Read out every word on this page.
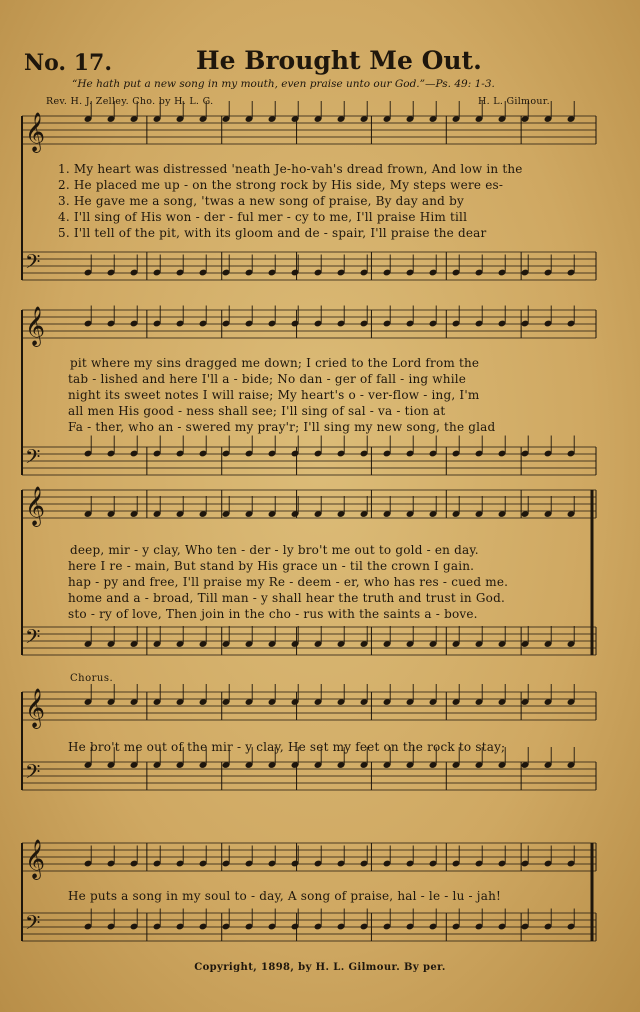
No. 17.	He Brought Me Out.
“He hath put a new song in my mouth, even praise unto our God.”—Ps. 49: 1-3.
Rev. H. J. Zelley. Cho. by H. L. G.	H. L. Gilmour.
𝄞
𝄢
𝄞
𝄢
𝄞
𝄢
𝄞
𝄢
𝄞
𝄢
1. My heart was distressed 'neath Je-ho-vah's dread frown, And low in the
2. He placed me up - on the strong rock by His side, My steps were es-
3. He gave me a song, 'twas a new song of praise, By day and by
4. I'll sing of His won - der - ful mer - cy to me, I'll praise Him till
5. I'll tell of the pit, with its gloom and de - spair, I'll praise the dear
pit where my sins dragged me down; I cried to the Lord from the
tab - lished and here I'll a - bide; No dan - ger of fall - ing while
night its sweet notes I will raise; My heart's o - ver-flow - ing, I'm
all men His good - ness shall see; I'll sing of sal - va - tion at
Fa - ther, who an - swered my pray'r; I'll sing my new song, the glad
deep, mir - y clay, Who ten - der - ly bro't me out to gold - en day.
here I re - main, But stand by His grace un - til the crown I gain.
hap - py and free, I'll praise my Re - deem - er, who has res - cued me.
home and a - broad, Till man - y shall hear the truth and trust in God.
sto - ry of love, Then join in the cho - rus with the saints a - bove.
Chorus.
He bro't me out of the mir - y clay, He set my feet on the rock to stay;
He puts a song in my soul to - day, A song of praise, hal - le - lu - jah!
Copyright, 1898, by H. L. Gilmour. By per.
